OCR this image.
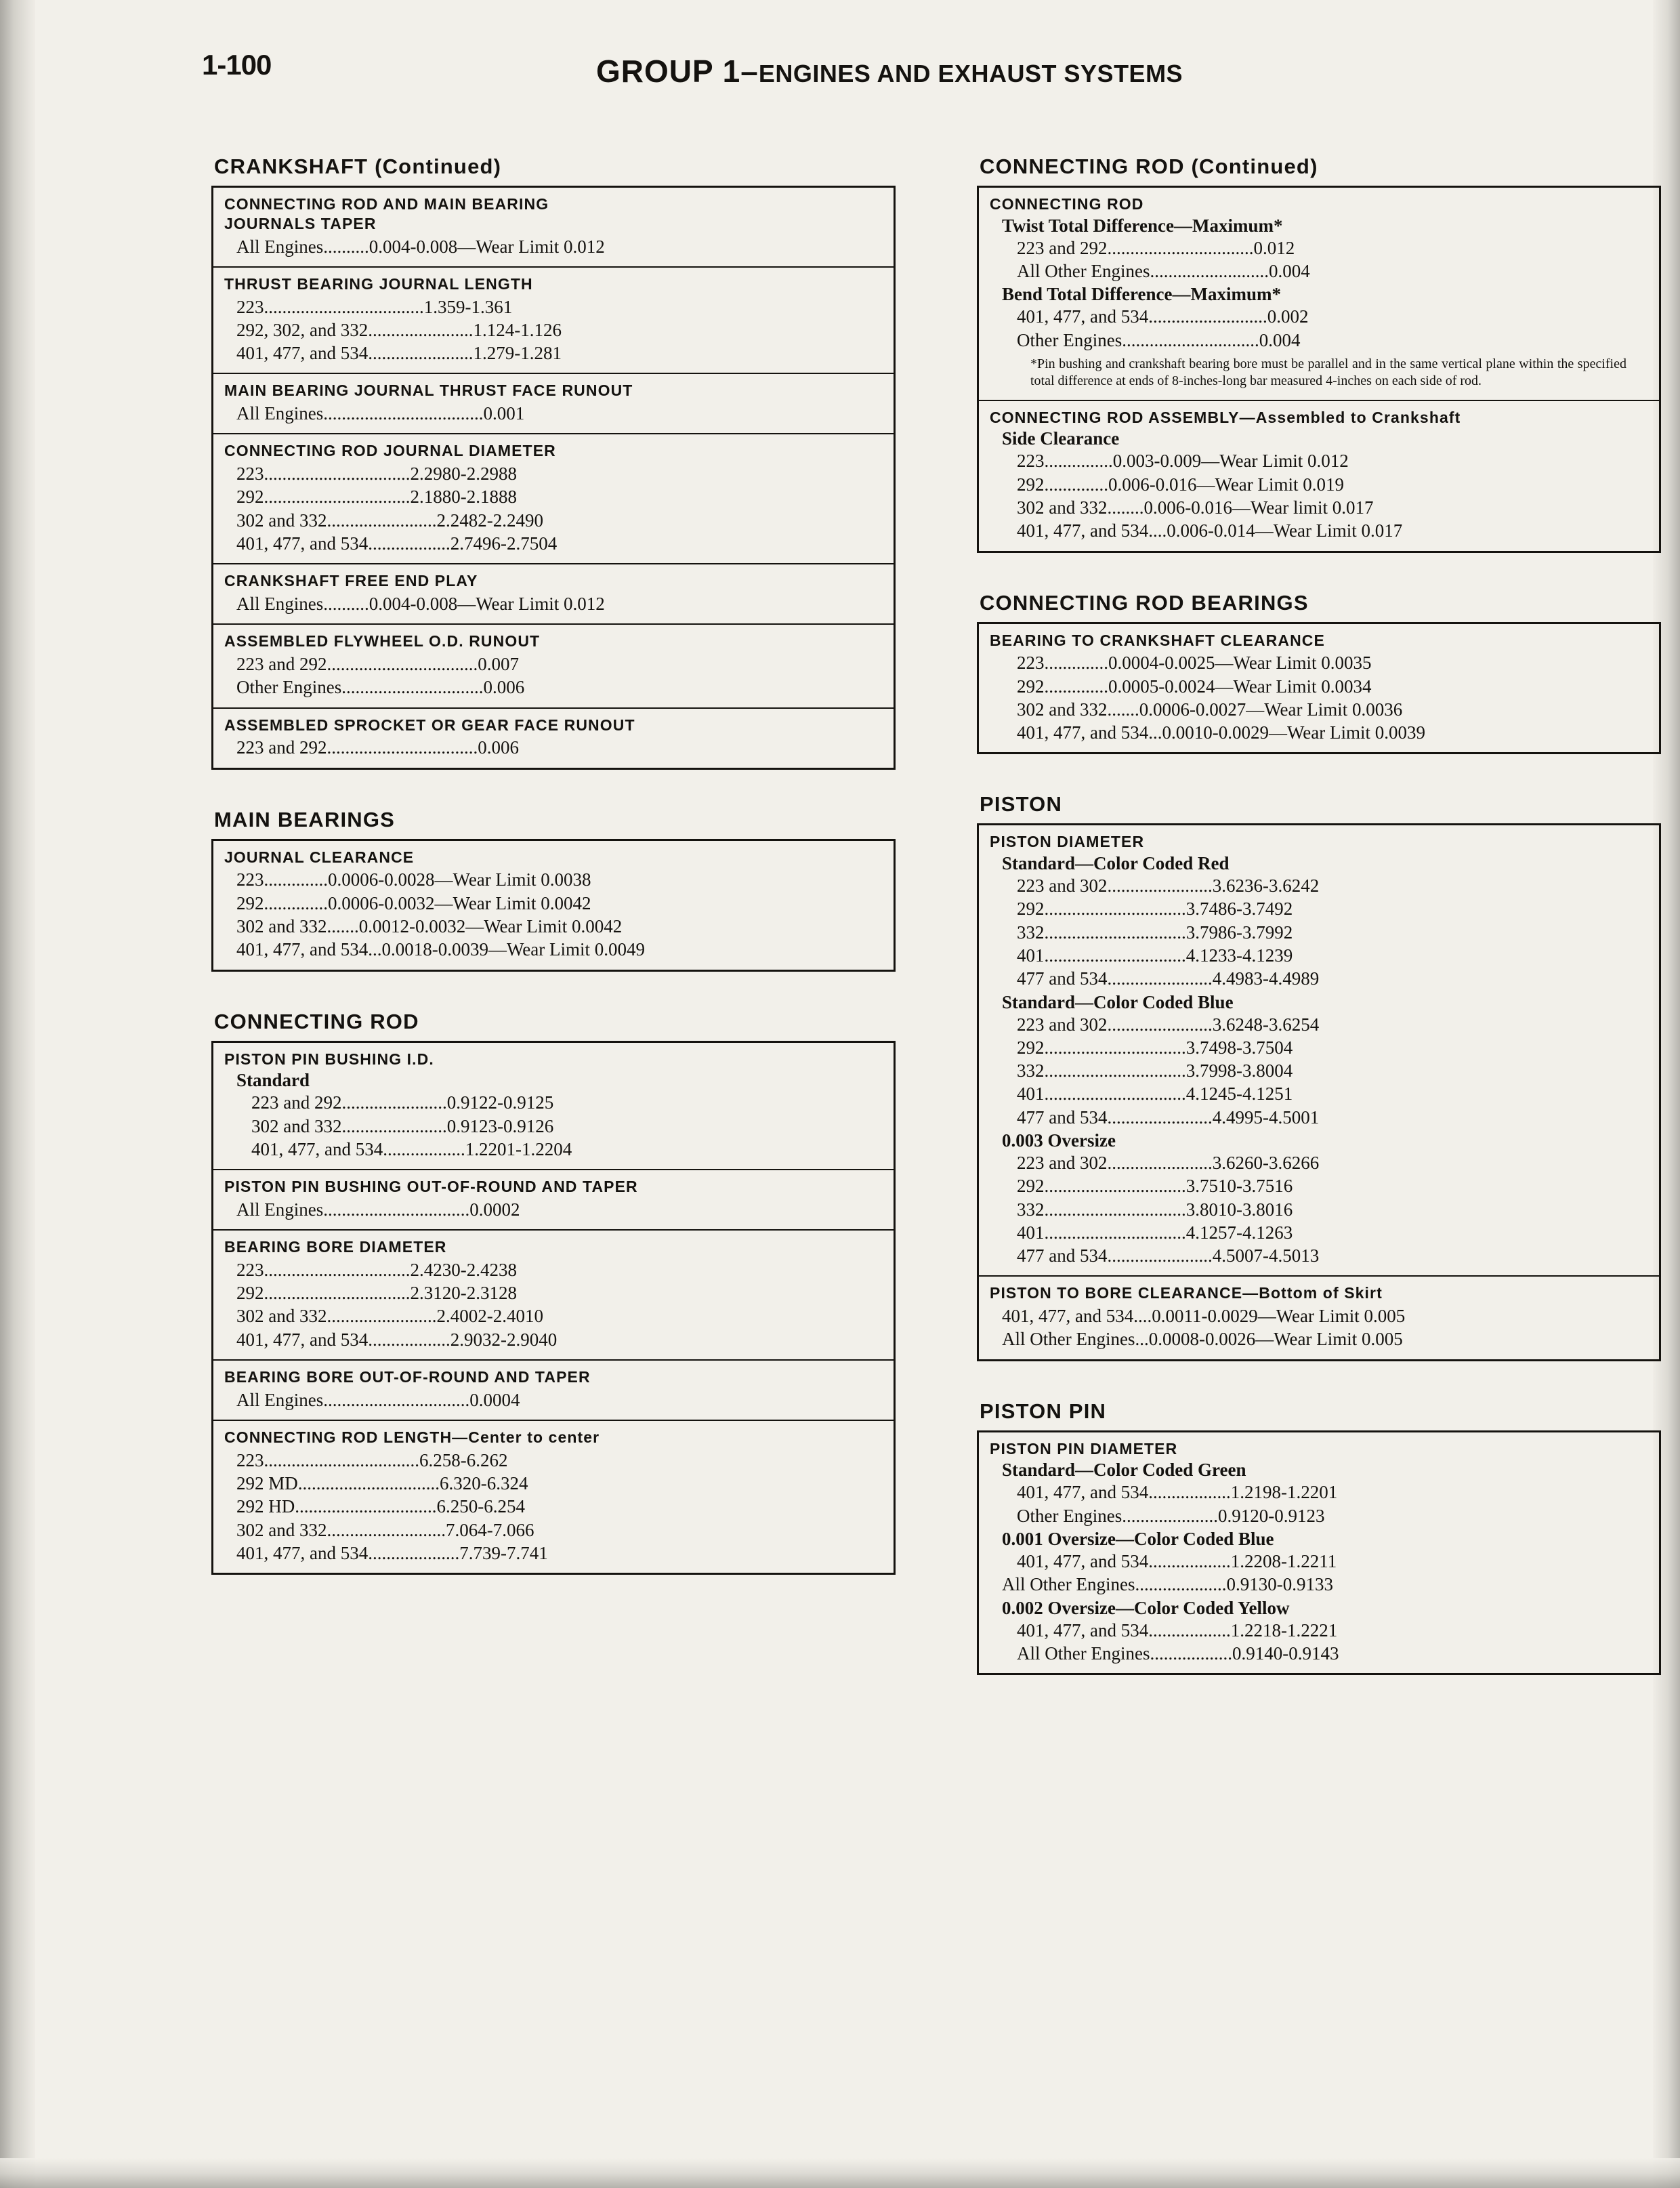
1-100	GROUP 1–ENGINES AND EXHAUST SYSTEMS
CRANKSHAFT (Continued)
CONNECTING ROD AND MAIN BEARING
JOURNALS TAPER
All Engines..........0.004-0.008—Wear Limit 0.012
THRUST BEARING JOURNAL LENGTH
223...................................1.359-1.361
292, 302, and 332.......................1.124-1.126
401, 477, and 534.......................1.279-1.281
MAIN BEARING JOURNAL THRUST FACE RUNOUT
All Engines...................................0.001
CONNECTING ROD JOURNAL DIAMETER
223................................2.2980-2.2988
292................................2.1880-2.1888
302 and 332........................2.2482-2.2490
401, 477, and 534..................2.7496-2.7504
CRANKSHAFT FREE END PLAY
All Engines..........0.004-0.008—Wear Limit 0.012
ASSEMBLED FLYWHEEL O.D. RUNOUT
223 and 292.................................0.007
Other Engines...............................0.006
ASSEMBLED SPROCKET OR GEAR FACE RUNOUT
223 and 292.................................0.006
MAIN BEARINGS
JOURNAL CLEARANCE
223..............0.0006-0.0028—Wear Limit 0.0038
292..............0.0006-0.0032—Wear Limit 0.0042
302 and 332.......0.0012-0.0032—Wear Limit 0.0042
401, 477, and 534...0.0018-0.0039—Wear Limit 0.0049
CONNECTING ROD
PISTON PIN BUSHING I.D.
Standard
223 and 292.......................0.9122-0.9125
302 and 332.......................0.9123-0.9126
401, 477, and 534..................1.2201-1.2204
PISTON PIN BUSHING OUT-OF-ROUND AND TAPER
All Engines................................0.0002
BEARING BORE DIAMETER
223................................2.4230-2.4238
292................................2.3120-2.3128
302 and 332........................2.4002-2.4010
401, 477, and 534..................2.9032-2.9040
BEARING BORE OUT-OF-ROUND AND TAPER
All Engines................................0.0004
CONNECTING ROD LENGTH—Center to center
223..................................6.258-6.262
292 MD...............................6.320-6.324
292 HD...............................6.250-6.254
302 and 332..........................7.064-7.066
401, 477, and 534....................7.739-7.741
CONNECTING ROD (Continued)
CONNECTING ROD
Twist Total Difference—Maximum*
223 and 292................................0.012
All Other Engines..........................0.004
Bend Total Difference—Maximum*
401, 477, and 534..........................0.002
Other Engines..............................0.004
*Pin bushing and crankshaft bearing bore must be parallel and in the same vertical plane within the specified total difference at ends of 8-inches-long bar measured 4-inches on each side of rod.
CONNECTING ROD ASSEMBLY—Assembled to Crankshaft
Side Clearance
223...............0.003-0.009—Wear Limit 0.012
292..............0.006-0.016—Wear Limit 0.019
302 and 332........0.006-0.016—Wear limit 0.017
401, 477, and 534....0.006-0.014—Wear Limit 0.017
CONNECTING ROD BEARINGS
BEARING TO CRANKSHAFT CLEARANCE
223..............0.0004-0.0025—Wear Limit 0.0035
292..............0.0005-0.0024—Wear Limit 0.0034
302 and 332.......0.0006-0.0027—Wear Limit 0.0036
401, 477, and 534...0.0010-0.0029—Wear Limit 0.0039
PISTON
PISTON DIAMETER
Standard—Color Coded Red
223 and 302.......................3.6236-3.6242
292...............................3.7486-3.7492
332...............................3.7986-3.7992
401...............................4.1233-4.1239
477 and 534.......................4.4983-4.4989
Standard—Color Coded Blue
223 and 302.......................3.6248-3.6254
292...............................3.7498-3.7504
332...............................3.7998-3.8004
401...............................4.1245-4.1251
477 and 534.......................4.4995-4.5001
0.003 Oversize
223 and 302.......................3.6260-3.6266
292...............................3.7510-3.7516
332...............................3.8010-3.8016
401...............................4.1257-4.1263
477 and 534.......................4.5007-4.5013
PISTON TO BORE CLEARANCE—Bottom of Skirt
401, 477, and 534....0.0011-0.0029—Wear Limit 0.005
All Other Engines...0.0008-0.0026—Wear Limit 0.005
PISTON PIN
PISTON PIN DIAMETER
Standard—Color Coded Green
401, 477, and 534..................1.2198-1.2201
Other Engines.....................0.9120-0.9123
0.001 Oversize—Color Coded Blue
401, 477, and 534..................1.2208-1.2211
All Other Engines....................0.9130-0.9133
0.002 Oversize—Color Coded Yellow
401, 477, and 534..................1.2218-1.2221
All Other Engines..................0.9140-0.9143
